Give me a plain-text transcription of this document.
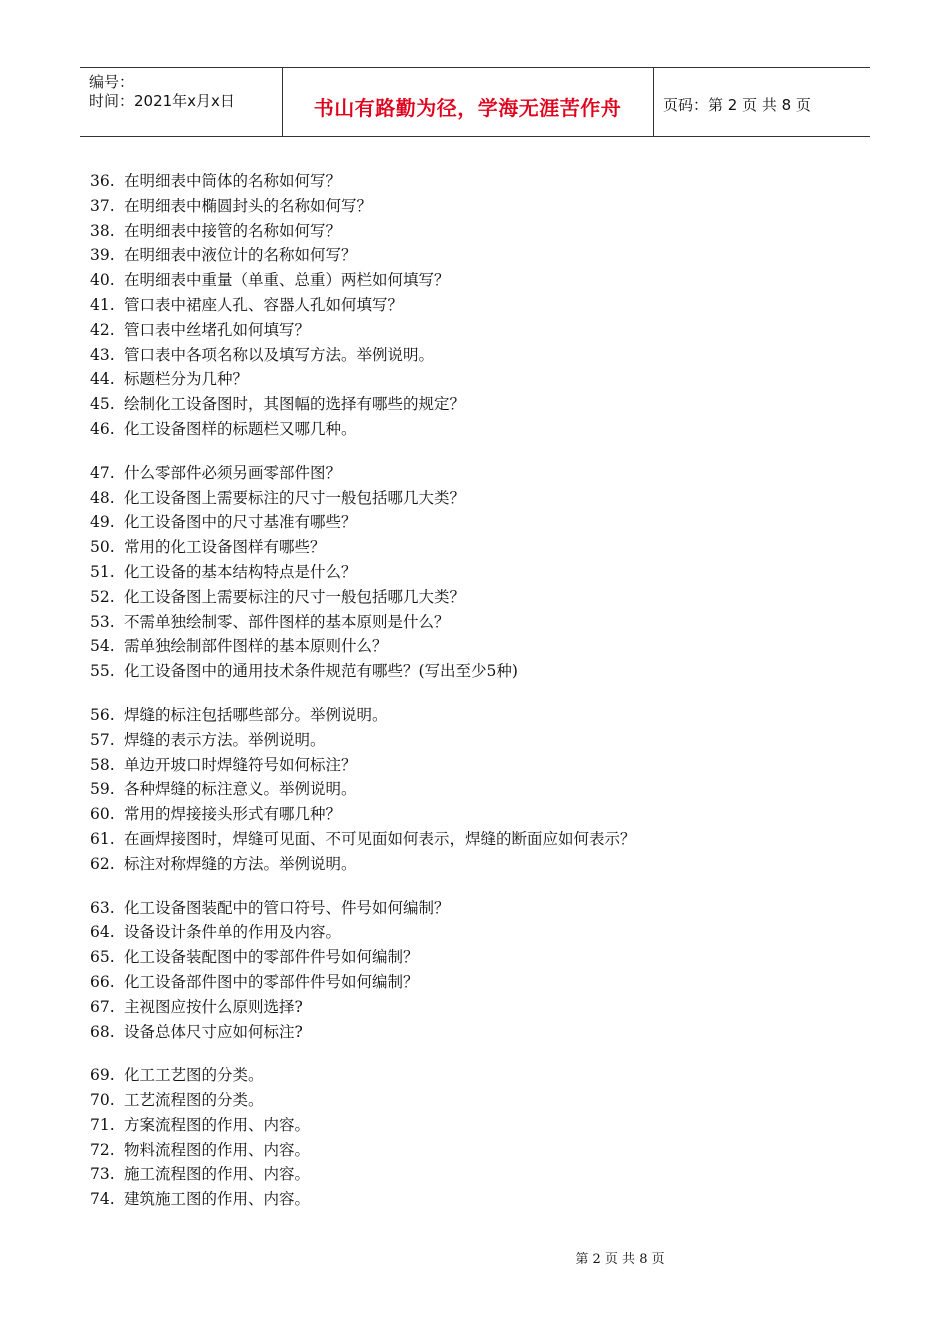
编号：
时间：2021年x月x日	书山有路勤为径，学海无涯苦作舟	页码：第 2 页 共 8 页
36. 在明细表中筒体的名称如何写？
37. 在明细表中椭圆封头的名称如何写？
38. 在明细表中接管的名称如何写？
39. 在明细表中液位计的名称如何写？
40. 在明细表中重量（单重、总重）两栏如何填写？
41. 管口表中裙座人孔、容器人孔如何填写？
42. 管口表中丝堵孔如何填写？
43. 管口表中各项名称以及填写方法。举例说明。
44. 标题栏分为几种？
45. 绘制化工设备图时，其图幅的选择有哪些的规定？
46. 化工设备图样的标题栏又哪几种。
47. 什么零部件必须另画零部件图？
48. 化工设备图上需要标注的尺寸一般包括哪几大类？
49. 化工设备图中的尺寸基准有哪些？
50. 常用的化工设备图样有哪些？
51. 化工设备的基本结构特点是什么？
52. 化工设备图上需要标注的尺寸一般包括哪几大类？
53. 不需单独绘制零、部件图样的基本原则是什么？
54. 需单独绘制部件图样的基本原则什么？
55. 化工设备图中的通用技术条件规范有哪些？(写出至少5种)
56. 焊缝的标注包括哪些部分。举例说明。
57. 焊缝的表示方法。举例说明。
58. 单边开坡口时焊缝符号如何标注？
59. 各种焊缝的标注意义。举例说明。
60. 常用的焊接接头形式有哪几种？
61. 在画焊接图时，焊缝可见面、不可见面如何表示，焊缝的断面应如何表示？
62. 标注对称焊缝的方法。举例说明。
63. 化工设备图装配中的管口符号、件号如何编制？
64. 设备设计条件单的作用及内容。
65. 化工设备装配图中的零部件件号如何编制？
66. 化工设备部件图中的零部件件号如何编制？
67. 主视图应按什么原则选择?
68. 设备总体尺寸应如何标注?
69. 化工工艺图的分类。
70. 工艺流程图的分类。
71. 方案流程图的作用、内容。
72. 物料流程图的作用、内容。
73. 施工流程图的作用、内容。
74. 建筑施工图的作用、内容。
第 2 页 共 8 页
